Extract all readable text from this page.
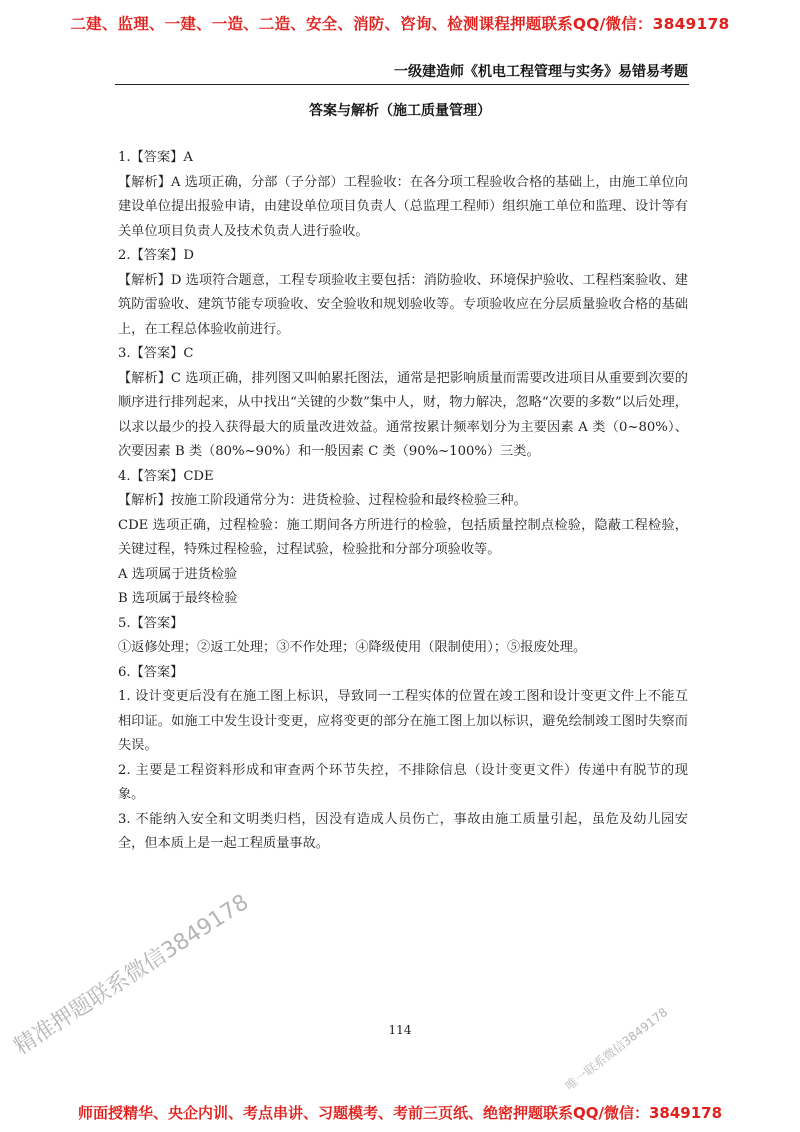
二建、监理、一建、一造、二造、安全、消防、咨询、检测课程押题联系QQ/微信：3849178
一级建造师《机电工程管理与实务》易错易考题
答案与解析（施工质量管理）

1.【答案】A

【解析】A 选项正确，分部（子分部）工程验收：在各分项工程验收合格的基础上，由施工单位向建设单位提出报验申请，由建设单位项目负责人（总监理工程师）组织施工单位和监理、设计等有关单位项目负责人及技术负责人进行验收。

2.【答案】D

【解析】D 选项符合题意，工程专项验收主要包括：消防验收、环境保护验收、工程档案验收、建筑防雷验收、建筑节能专项验收、安全验收和规划验收等。专项验收应在分层质量验收合格的基础上，在工程总体验收前进行。

3.【答案】C

【解析】C 选项正确，排列图又叫帕累托图法，通常是把影响质量而需要改进项目从重要到次要的顺序进行排列起来，从中找出“关键的少数”集中人，财，物力解决，忽略“次要的多数”以后处理，以求以最少的投入获得最大的质量改进效益。通常按累计频率划分为主要因素 A 类（0~80%）、次要因素 B 类（80%~90%）和一般因素 C 类（90%~100%）三类。

4.【答案】CDE

【解析】按施工阶段通常分为：进货检验、过程检验和最终检验三种。

CDE 选项正确，过程检验：施工期间各方所进行的检验，包括质量控制点检验，隐蔽工程检验，关键过程，特殊过程检验，过程试验，检验批和分部分项验收等。

A 选项属于进货检验

B 选项属于最终检验

5.【答案】

①返修处理；②返工处理；③不作处理；④降级使用（限制使用）；⑤报废处理。

6.【答案】

1. 设计变更后没有在施工图上标识，导致同一工程实体的位置在竣工图和设计变更文件上不能互相印证。如施工中发生设计变更，应将变更的部分在施工图上加以标识，避免绘制竣工图时失察而失误。

2. 主要是工程资料形成和审查两个环节失控，不排除信息（设计变更文件）传递中有脱节的现象。

3. 不能纳入安全和文明类归档，因没有造成人员伤亡，事故由施工质量引起，虽危及幼儿园安全，但本质上是一起工程质量事故。

114
精准押题联系微信3849178	唯一联系微信3849178
师面授精华、央企内训、考点串讲、习题模考、考前三页纸、绝密押题联系QQ/微信：3849178
